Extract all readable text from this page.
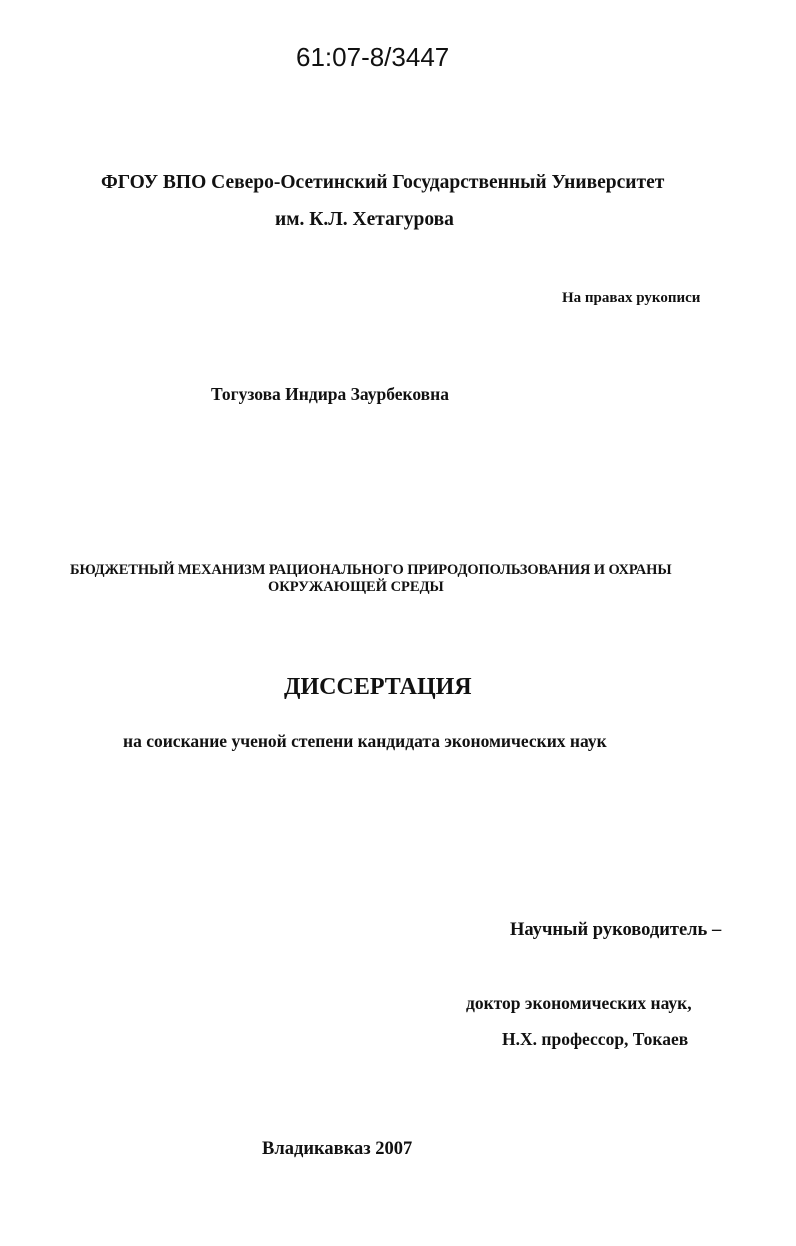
61:07-8/3447
ФГОУ ВПО Северо-Осетинский Государственный Университет
им. К.Л. Хетагурова
На правах рукописи
Тогузова Индира Заурбековна
БЮДЖЕТНЫЙ МЕХАНИЗМ РАЦИОНАЛЬНОГО ПРИРОДОПОЛЬЗОВАНИЯ И ОХРАНЫ
ОКРУЖАЮЩЕЙ СРЕДЫ
ДИССЕРТАЦИЯ
на соискание ученой степени кандидата экономических наук
Научный руководитель –
доктор экономических наук,
Н.Х. профессор, Токаев
Владикавказ 2007
